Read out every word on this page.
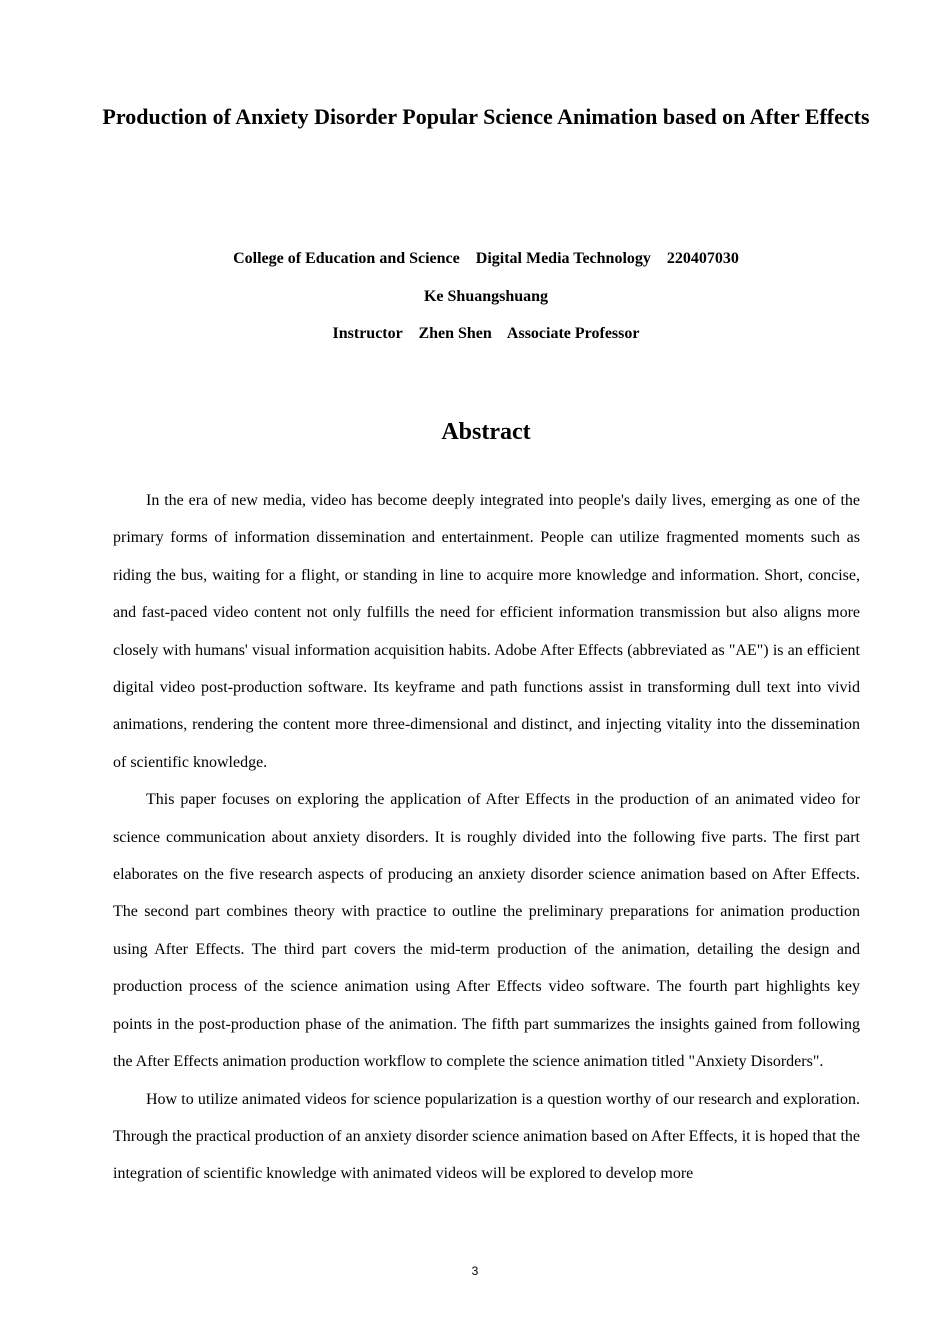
Production of Anxiety Disorder Popular Science Animation based on After Effects
College of Education and Science    Digital Media Technology    220407030
Ke Shuangshuang
Instructor    Zhen Shen    Associate Professor
Abstract

In the era of new media, video has become deeply integrated into people's daily lives, emerging as one of the primary forms of information dissemination and entertainment. People can utilize fragmented moments such as riding the bus, waiting for a flight, or standing in line to acquire more knowledge and information. Short, concise, and fast-paced video content not only fulfills the need for efficient information transmission but also aligns more closely with humans' visual information acquisition habits. Adobe After Effects (abbreviated as "AE") is an efficient digital video post-production software. Its keyframe and path functions assist in transforming dull text into vivid animations, rendering the content more three-dimensional and distinct, and injecting vitality into the dissemination of scientific knowledge.

This paper focuses on exploring the application of After Effects in the production of an animated video for science communication about anxiety disorders. It is roughly divided into the following five parts. The first part elaborates on the five research aspects of producing an anxiety disorder science animation based on After Effects. The second part combines theory with practice to outline the preliminary preparations for animation production using After Effects. The third part covers the mid-term production of the animation, detailing the design and production process of the science animation using After Effects video software. The fourth part highlights key points in the post-production phase of the animation. The fifth part summarizes the insights gained from following the After Effects animation production workflow to complete the science animation titled "Anxiety Disorders".

How to utilize animated videos for science popularization is a question worthy of our research and exploration. Through the practical production of an anxiety disorder science animation based on After Effects, it is hoped that the integration of scientific knowledge with animated videos will be explored to develop more

3
